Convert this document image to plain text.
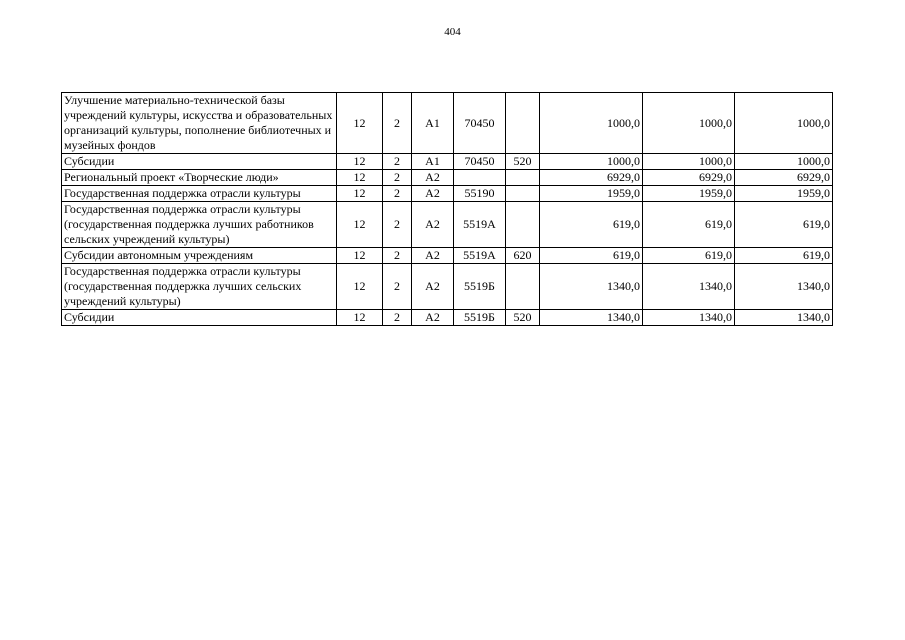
404
Улучшение материально-технической базы учреждений культуры, искусства и образовательных организаций культуры, пополнение библиотечных и музейных фондов	12	2	A1	70450		1000,0	1000,0	1000,0
Субсидии	12	2	A1	70450	520	1000,0	1000,0	1000,0
Региональный проект «Творческие люди»	12	2	A2			6929,0	6929,0	6929,0
Государственная поддержка отрасли культуры	12	2	A2	55190		1959,0	1959,0	1959,0
Государственная поддержка отрасли культуры (государственная поддержка лучших работников сельских учреждений культуры)	12	2	A2	5519A		619,0	619,0	619,0
Субсидии автономным учреждениям	12	2	A2	5519A	620	619,0	619,0	619,0
Государственная поддержка отрасли культуры (государственная поддержка лучших сельских учреждений культуры)	12	2	A2	5519Б		1340,0	1340,0	1340,0
Субсидии	12	2	A2	5519Б	520	1340,0	1340,0	1340,0
